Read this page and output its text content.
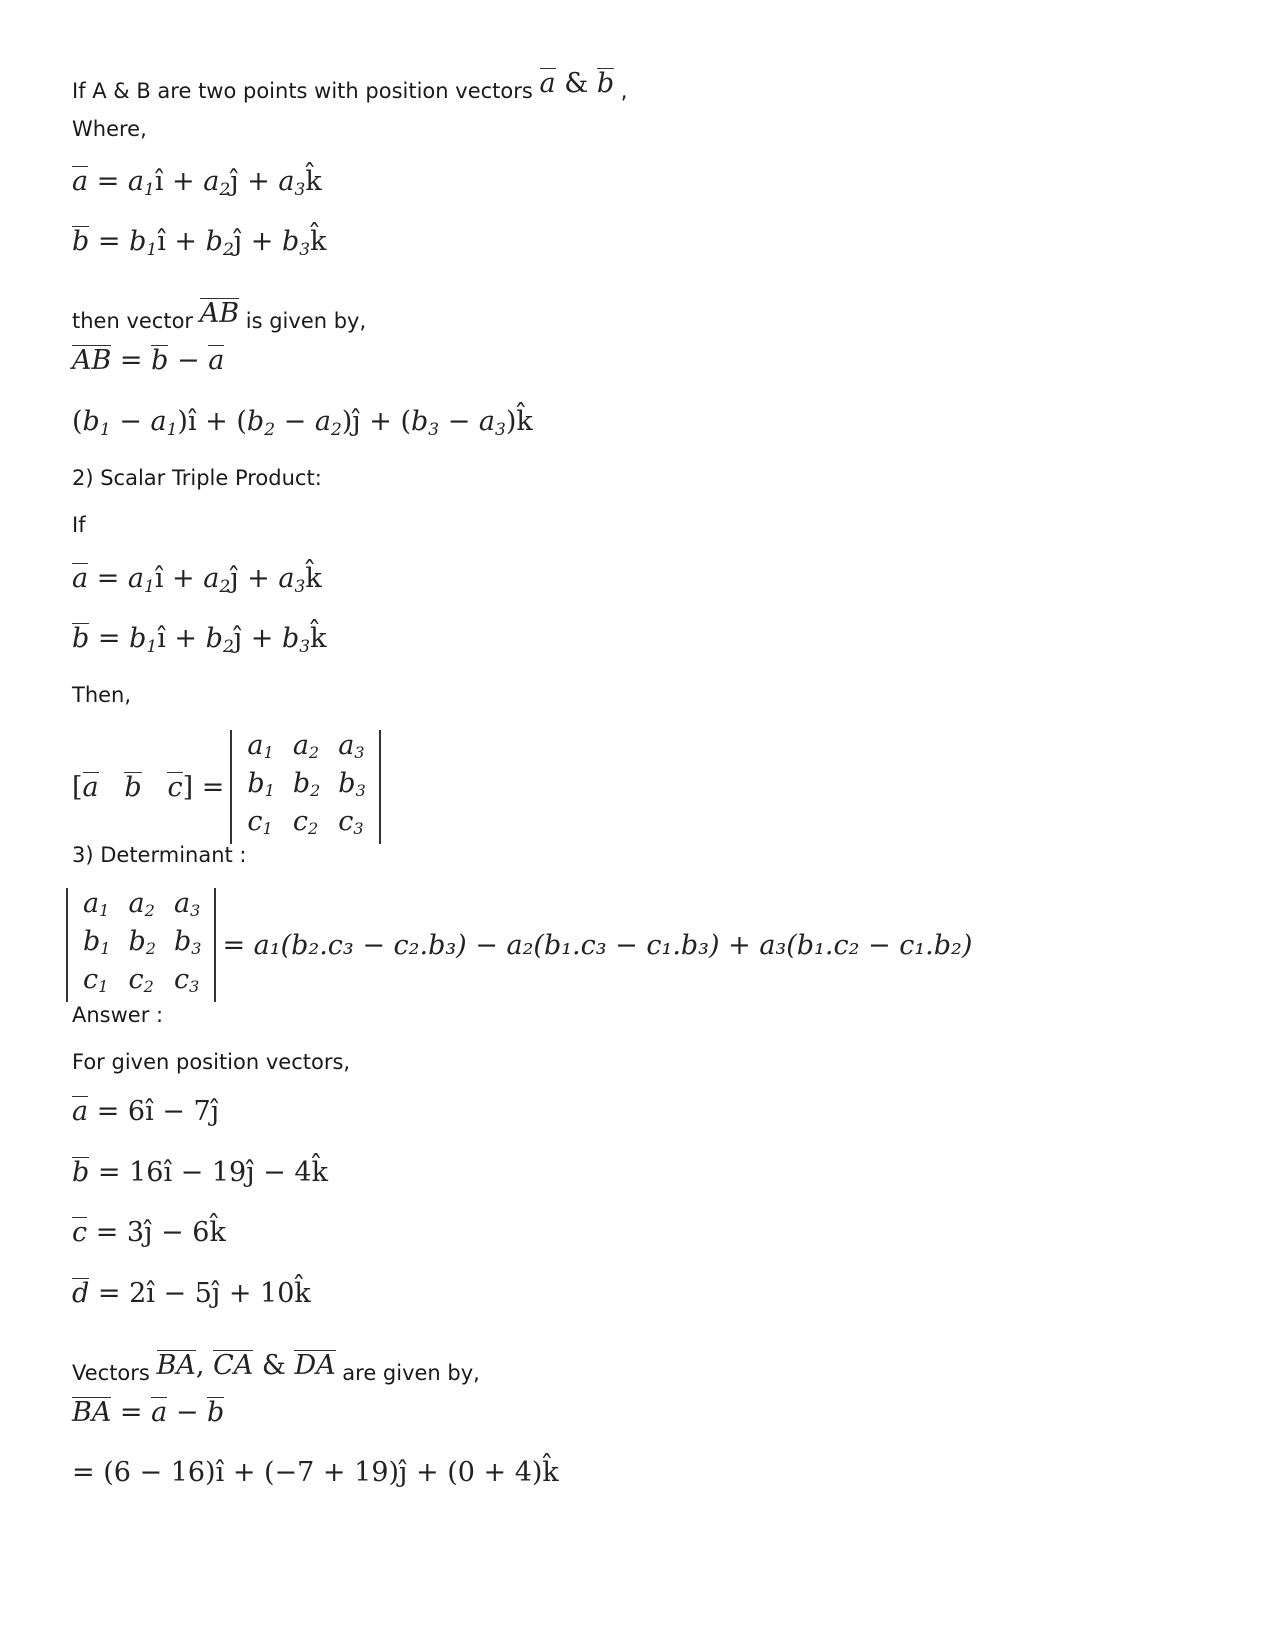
If A & B are two points with position vectors a & b ,
Where,
$a = a_1î$ + $a_2ĵ$ + $a_3k̂$
$b = b_1î$ + $b_2ĵ$ + $b_3k̂$
then vector AB is given by,
AB = b − a
($b_1$ − $a_1)î + (b_2$ − $a_2)ĵ + (b_3$ − $a_3)k̂$
2) Scalar Triple Product:
If
$a = a_1î$ + $a_2ĵ$ + $a_3k̂$
$b = b_1î$ + $b_2ĵ$ + $b_3k̂$
Then,
[a b c] =
$a_1$	$a_2$	$a_3$
$b_1$	$b_2$	$b_3$
$c_1$	$c_2$	$c_3$
3) Determinant :
$a_1$	$a_2$	$a_3$
$b_1$	$b_2$	$b_3$
$c_1$	$c_2$	$c_3$
= a₁(b₂.c₃ − c₂.b₃) − a₂(b₁.c₃ − c₁.b₃) + a₃(b₁.c₂ − c₁.b₂)
Answer :
For given position vectors,
a = 6î − 7ĵ
b = 16î − 19ĵ − 4k̂
c = 3ĵ − 6k̂
d = 2î − 5ĵ + 10k̂
Vectors BA, CA & DA are given by,
BA = a − b
= (6 − 16)î + (−7 + 19)ĵ + (0 + 4)k̂
